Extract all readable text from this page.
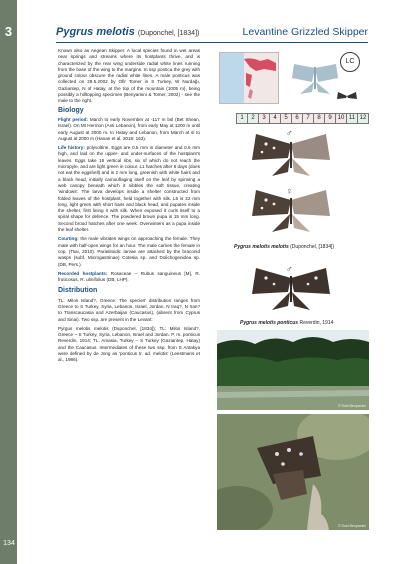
3
134
Pygrus melotis (Duponchel, [1834])	Levantine Grizzled Skipper

Known also as Aegean Skipper. A local species found in wet areas near springs and streams where its hostplants thrive, and is characterized by the rear wing underside radial white lines running from the base of the wing to the margins. In ssp pontica the grey with ground colour obscure the radial white lines. A male ponticus was collected on 29.5.2002 by Ofir Tomer in S Turkey, W Nurdağı, Gaziantep, N of Hatay, at the top of the mountain (1005 m), being possibly a hilltopping specimen (Benyamini & Tomer, 2002) - see the male to the right.

Biology

Flight period: March to early November at -117 m bsl (Bet Shean, Israel). On Mt Hermon (Anti Lebanon), from early May at 1200 m until early August at 2000 m. In Hatay and Lebanon, from March at sl to August at 2000 m (Hanan et al. 2018: 163).

Life history: polyvoltine. Eggs are 0.5 mm in diameter and 0.6 mm high, and laid on the upper- and under-surfaces of the hostplant's leaves. Eggs take 16 vertical ribs, six of which do not reach the micropyle, and are light green in colour. L1 hatches after 6 days (does not eat the eggshell) and is 2 mm long, greenish with white hairs and a black head, initially camouflaging itself on the leaf by spinning a web canopy beneath which it nibbles the soft tissue, creating 'windows'. The larva develops inside a shelter constructed from folded leaves of the hostplant, held together with silk. L5 is 22 mm long, light green with short hairs and black head, and pupates inside the shelter, first lining it with silk. When exposed it curls itself to a spiral shape for defence. The powdered brown pupa is 15 mm long. Second brood hatches after one week. Overwinters as a pupa inside the leaf shelter.

Courting: the male vibrates wings on approaching the female. They mate with half-open wings for an hour. The male carries the female in cop. (Tsai, 2010). Parasitoids: larvae are attacked by the braconid wasps (subf. Microgastrinae) Cotesia sp. and Dolichogenidea sp. (DB, Pers.).

Recorded hostplants: Rosaceae – Rubus sanguineus [M], R. fruticosus, R. ulmifolius (DB, LHP).

Distribution

TL: Milos Island?, Greece. The species' distribution ranges from Greece to S Turkey, Syria, Lebanon, Israel, Jordan, N Iraq?, N Iran? to Transcaucasia and Azerbaijan (Caucasus), (absent from Cyprus and Sinai). Two ssp. are present in the Levant:

Pyrgus melotis melotis (Duponchel, [1834]); TL: Milos Island?, Greece – S Turkey, Syria, Lebanon, Israel and Jordan. P. m. ponticus Reverdin, 1914; TL: Amasia, Turkey – S Turkey (Gaziantep, Hatay) and the Caucasus. Intermediates of these two ssp. from S Antakya were defined by de Jong as 'ponticus tr. ad. melotis' (Leestmans et al., 1986).

LC
1	2	3	4	5	6	7	8	9 10 11 12
♂
♀
Pygrus melotis melotis (Duponchel, [1834])
♂
Pygrus melotis ponticus Reverdin, 1914
© Dubi Benyamini
© Dubi Benyamini
